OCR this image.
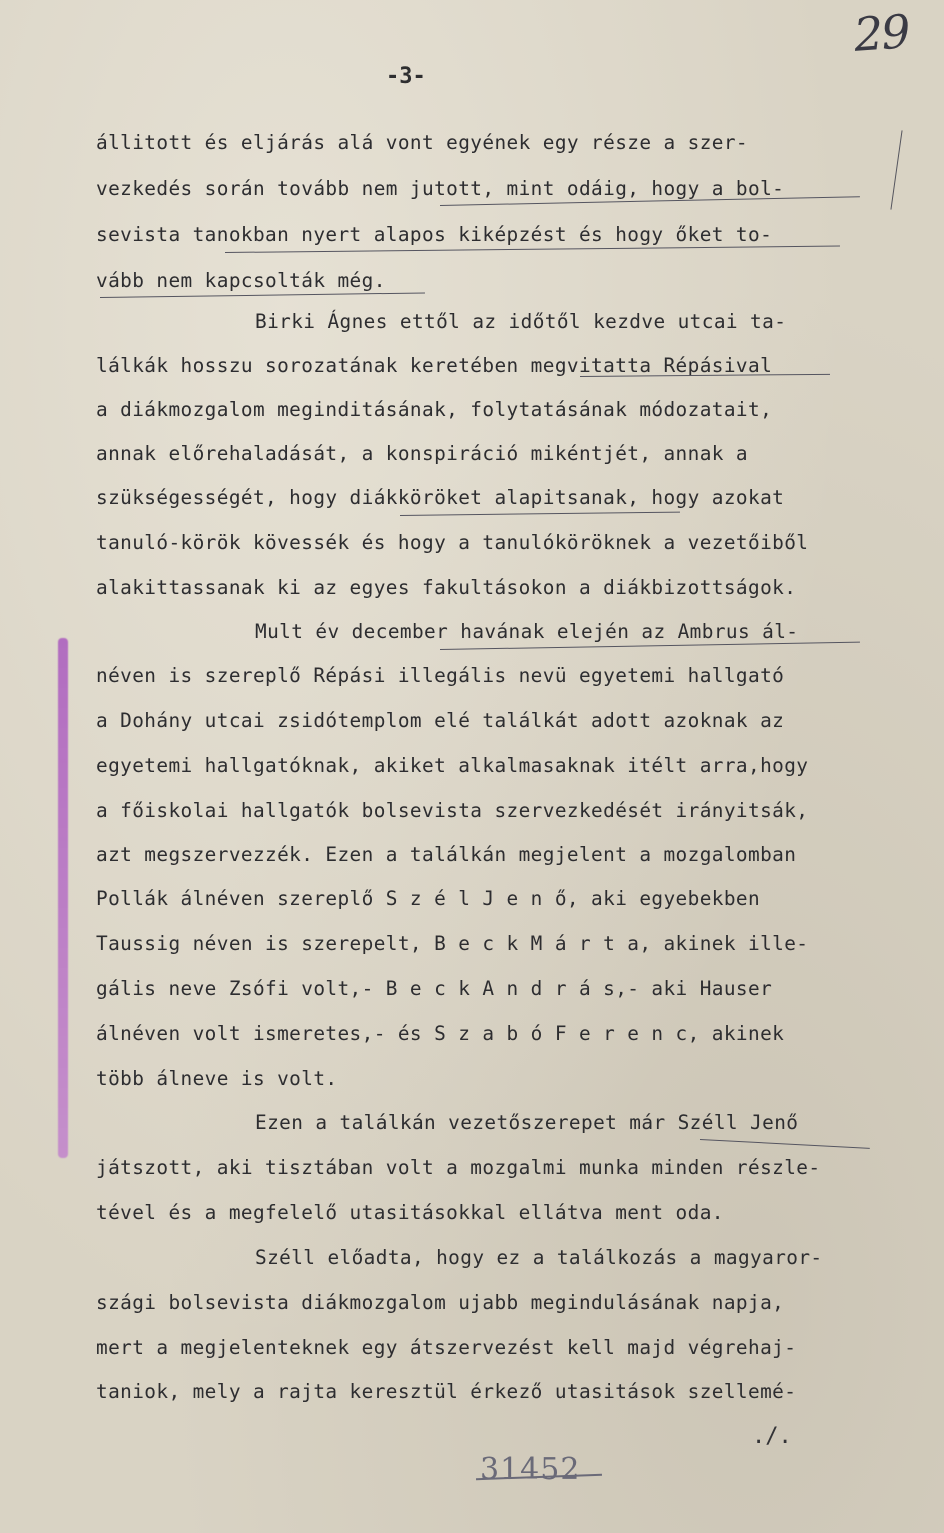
29
-3-
állitott és eljárás alá vont egyének egy része a szer-
vezkedés során tovább nem jutott, mint odáig, hogy a bol-
sevista tanokban nyert alapos kiképzést és hogy őket to-
vább nem kapcsolták még.
Birki Ágnes ettől az időtől kezdve utcai ta-
lálkák hosszu sorozatának keretében megvitatta Répásival
a diákmozgalom meginditásának, folytatásának módozatait,
annak előrehaladását, a konspiráció mikéntjét, annak a
szükségességét, hogy diákköröket alapitsanak, hogy azokat
tanuló-körök kövessék és hogy a tanulóköröknek a vezetőiből
alakittassanak ki az egyes fakultásokon a diákbizottságok.
Mult év december havának elején az Ambrus ál-
néven is szereplő Répási illegális nevü egyetemi hallgató
a Dohány utcai zsidótemplom elé találkát adott azoknak az
egyetemi hallgatóknak, akiket alkalmasaknak itélt arra,hogy
a főiskolai hallgatók bolsevista szervezkedését irányitsák,
azt megszervezzék. Ezen a találkán megjelent a mozgalomban
Pollák álnéven szereplő S z é l J e n ő, aki egyebekben
Taussig néven is szerepelt, B e c k M á r t a, akinek ille-
gális neve Zsófi volt,- B e c k A n d r á s,- aki Hauser
álnéven volt ismeretes,- és S z a b ó F e r e n c, akinek
több álneve is volt.
Ezen a találkán vezetőszerepet már Széll Jenő
játszott, aki tisztában volt a mozgalmi munka minden részle-
tével és a megfelelő utasitásokkal ellátva ment oda.
Széll előadta, hogy ez a találkozás a magyaror-
szági bolsevista diákmozgalom ujabb megindulásának napja,
mert a megjelenteknek egy átszervezést kell majd végrehaj-
taniok, mely a rajta keresztül érkező utasitások szellemé-
./.
31452
